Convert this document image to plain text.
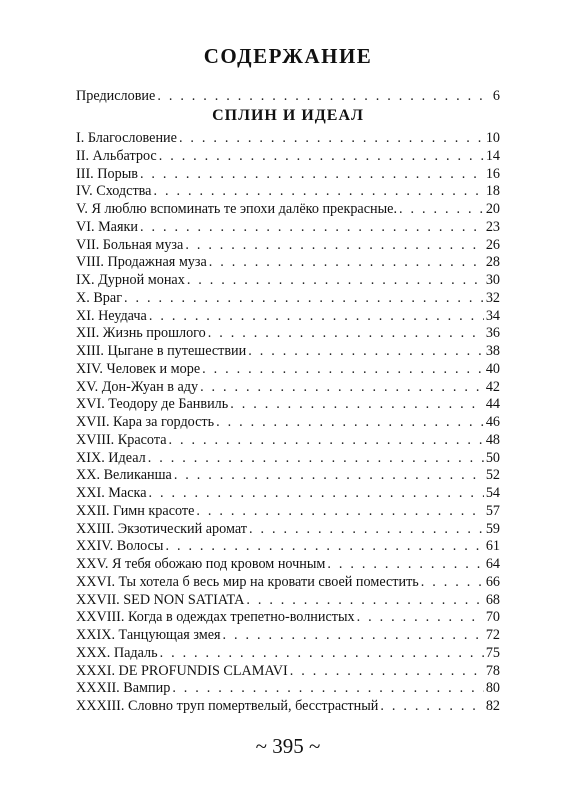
СОДЕРЖАНИЕ
Предисловие . . .	6
СПЛИН И ИДЕАЛ
I. Благословение . . .	10
II. Альбатрос . . .	14
III. Порыв . . .	16
IV. Сходства . . .	18
V. Я люблю вспоминать те эпохи далёко прекрасные. . . .	20
VI. Маяки . . .	23
VII. Больная муза . . .	26
VIII. Продажная муза . . .	28
IX. Дурной монах . . .	30
X. Враг . . .	32
XI. Неудача . . .	34
XII. Жизнь прошлого . . .	36
XIII. Цыгане в путешествии . . .	38
XIV. Человек и море . . .	40
XV. Дон-Жуан в аду . . .	42
XVI. Теодору де Банвиль . . .	44
XVII. Кара за гордость . . .	46
XVIII. Красота . . .	48
XIX. Идеал . . .	50
XX. Великанша . . .	52
XXI. Маска . . .	54
XXII. Гимн красоте . . .	57
XXIII. Экзотический аромат . . .	59
XXIV. Волосы . . .	61
XXV. Я тебя обожаю под кровом ночным . . .	64
XXVI. Ты хотела б весь мир на кровати своей поместить . . .	66
XXVII. SED NON SATIATA . . .	68
XXVIII. Когда в одеждах трепетно-волнистых . . .	70
XXIX. Танцующая змея . . .	72
XXX. Падаль . . .	75
XXXI. DE PROFUNDIS CLAMAVI . . .	78
XXXII. Вампир . . .	80
XXXIII. Словно труп помертвелый, бесстрастный . . .	82
~ 395 ~
